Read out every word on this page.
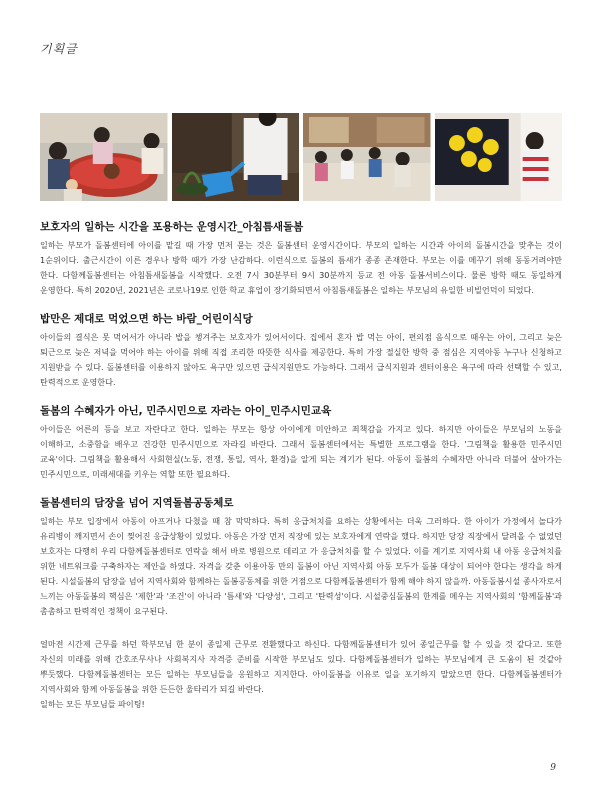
기획글
보호자의 일하는 시간을 포용하는 운영시간_아침틈새돌봄

일하는 부모가 돌봄센터에 아이를 맡길 때 가장 먼저 묻는 것은 돌봄센터 운영시간이다. 부모의 일하는 시간과 아이의 돌봄시간을 맞추는 것이 1순위이다. 출근시간이 이른 경우나 방학 때가 가장 난감하다. 이런식으로 돌봄의 틈새가 종종 존재한다. 부모는 이를 메꾸기 위해 동동거려야만 한다. 다함께돌봄센터는 아침틈새돌봄을 시작했다. 오전 7시 30분부터 9시 30분까지 등교 전 아동 돌봄서비스이다. 물론 방학 때도 동일하게 운영한다. 특히 2020년, 2021년은 코로나19로 인한 학교 휴업이 장기화되면서 아침틈새돌봄은 일하는 부모님의 유일한 비빌언덕이 되었다.

밥만은 제대로 먹었으면 하는 바람_어린이식당

아이들의 결식은 못 먹어서가 아니라 밥을 챙겨주는 보호자가 있어서이다. 집에서 혼자 밥 먹는 아이, 편의점 음식으로 때우는 아이, 그리고 늦은 퇴근으로 늦은 저녁을 먹어야 하는 아이를 위해 직접 조리한 따뜻한 식사를 제공한다. 특히 가장 절실한 방학 중 점심은 지역아동 누구나 신청하고 지원받을 수 있다. 돌봄센터를 이용하지 않아도 욕구만 있으면 급식지원만도 가능하다. 그래서 급식지원과 센터이용은 욕구에 따라 선택할 수 있고, 탄력적으로 운영한다.

돌봄의 수혜자가 아닌, 민주시민으로 자라는 아이_민주시민교육

아이들은 어른의 등을 보고 자란다고 한다. 일하는 부모는 항상 아이에게 미안하고 죄책감을 가지고 있다. 하지만 아이들은 부모님의 노동을 이해하고, 소중함을 배우고 건강한 민주시민으로 자라길 바란다. 그래서 돌봄센터에서는 특별한 프로그램을 한다. '그림책을 활용한 민주시민 교육'이다. 그림책을 활용해서 사회현실(노동, 전쟁, 통일, 역사, 환경)을 알게 되는 계기가 된다. 아동이 돌봄의 수혜자만 아니라 더불어 살아가는 민주시민으로, 미래세대를 키우는 역할 또한 필요하다.

돌봄센터의 담장을 넘어 지역돌봄공동체로

일하는 부모 입장에서 아동이 아프거나 다쳤을 때 참 막막하다. 특히 응급처치를 요하는 상황에서는 더욱 그러하다. 한 아이가 가정에서 놀다가 유리병이 깨지면서 손이 찢어진 응급상황이 있었다. 아동은 가장 먼저 직장에 있는 보호자에게 연락을 했다. 하지만 당장 직장에서 달려올 수 없었던 보호자는 다행히 우리 다함께돌봄센터로 연락을 해서 바로 병원으로 데리고 가 응급처치를 할 수 있었다. 이를 계기로 지역사회 내 아동 응급처치를 위한 네트워크를 구축하자는 제안을 하였다. 자격을 갖춘 이용아동 만의 돌봄이 아닌 지역사회 아동 모두가 돌봄 대상이 되어야 한다는 생각을 하게 된다. 시설돌봄의 담장을 넘어 지역사회와 함께하는 돌봄공동체를 위한 거점으로 다함께돌봄센터가 함께 해야 하지 않을까. 아동돌봄시설 종사자로서 느끼는 아동돌봄의 핵심은 '제한'과 '조건'이 아니라 '틈새'와 '다양성', 그리고 '탄력성'이다. 시설중심돌봄의 한계를 메우는 지역사회의 '함께돌봄'과 촘촘하고 탄력적인 정책이 요구된다.

얼마전 시간제 근무를 하던 학부모님 한 분이 종일제 근무로 전환했다고 하신다. 다함께돌봄센터가 있어 종일근무를 할 수 있을 것 같다고. 또한 자신의 미래를 위해 간호조무사나 사회복지사 자격증 준비를 시작한 부모님도 있다. 다함께돌봄센터가 일하는 부모님에게 큰 도움이 된 것같아 뿌듯했다. 다함께돌봄센터는 모든 일하는 부모님들을 응원하고 지지한다. 아이돌봄을 이유로 일을 포기하지 말았으면 한다. 다함께돌봄센터가 지역사회와 함께 아동돌봄을 위한 든든한 울타리가 되길 바란다.

일하는 모든 부모님들 파이팅!

9
